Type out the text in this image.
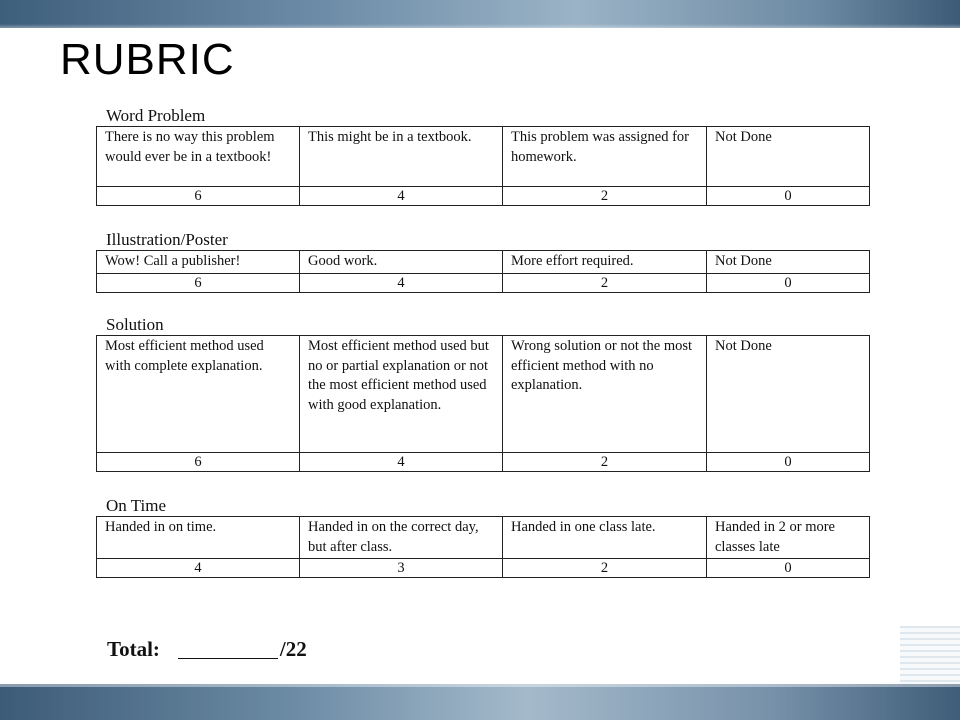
RUBRIC
Word Problem
There is no way this problem would ever be in a textbook!	This might be in a textbook.	This problem was assigned for homework.	Not Done
6	4	2	0
Illustration/Poster
Wow! Call a publisher!	Good work.	More effort required.	Not Done
6	4	2	0
Solution
Most efficient method used with complete explanation.	Most efficient method used but no or partial explanation or not the most efficient method used with good explanation.	Wrong solution or not the most efficient method with no explanation.	Not Done
6	4	2	0
On Time
Handed in on time.	Handed in on the correct day, but after class.	Handed in one class late.	Handed in 2 or more classes late
4	3	2	0
Total:	/22
